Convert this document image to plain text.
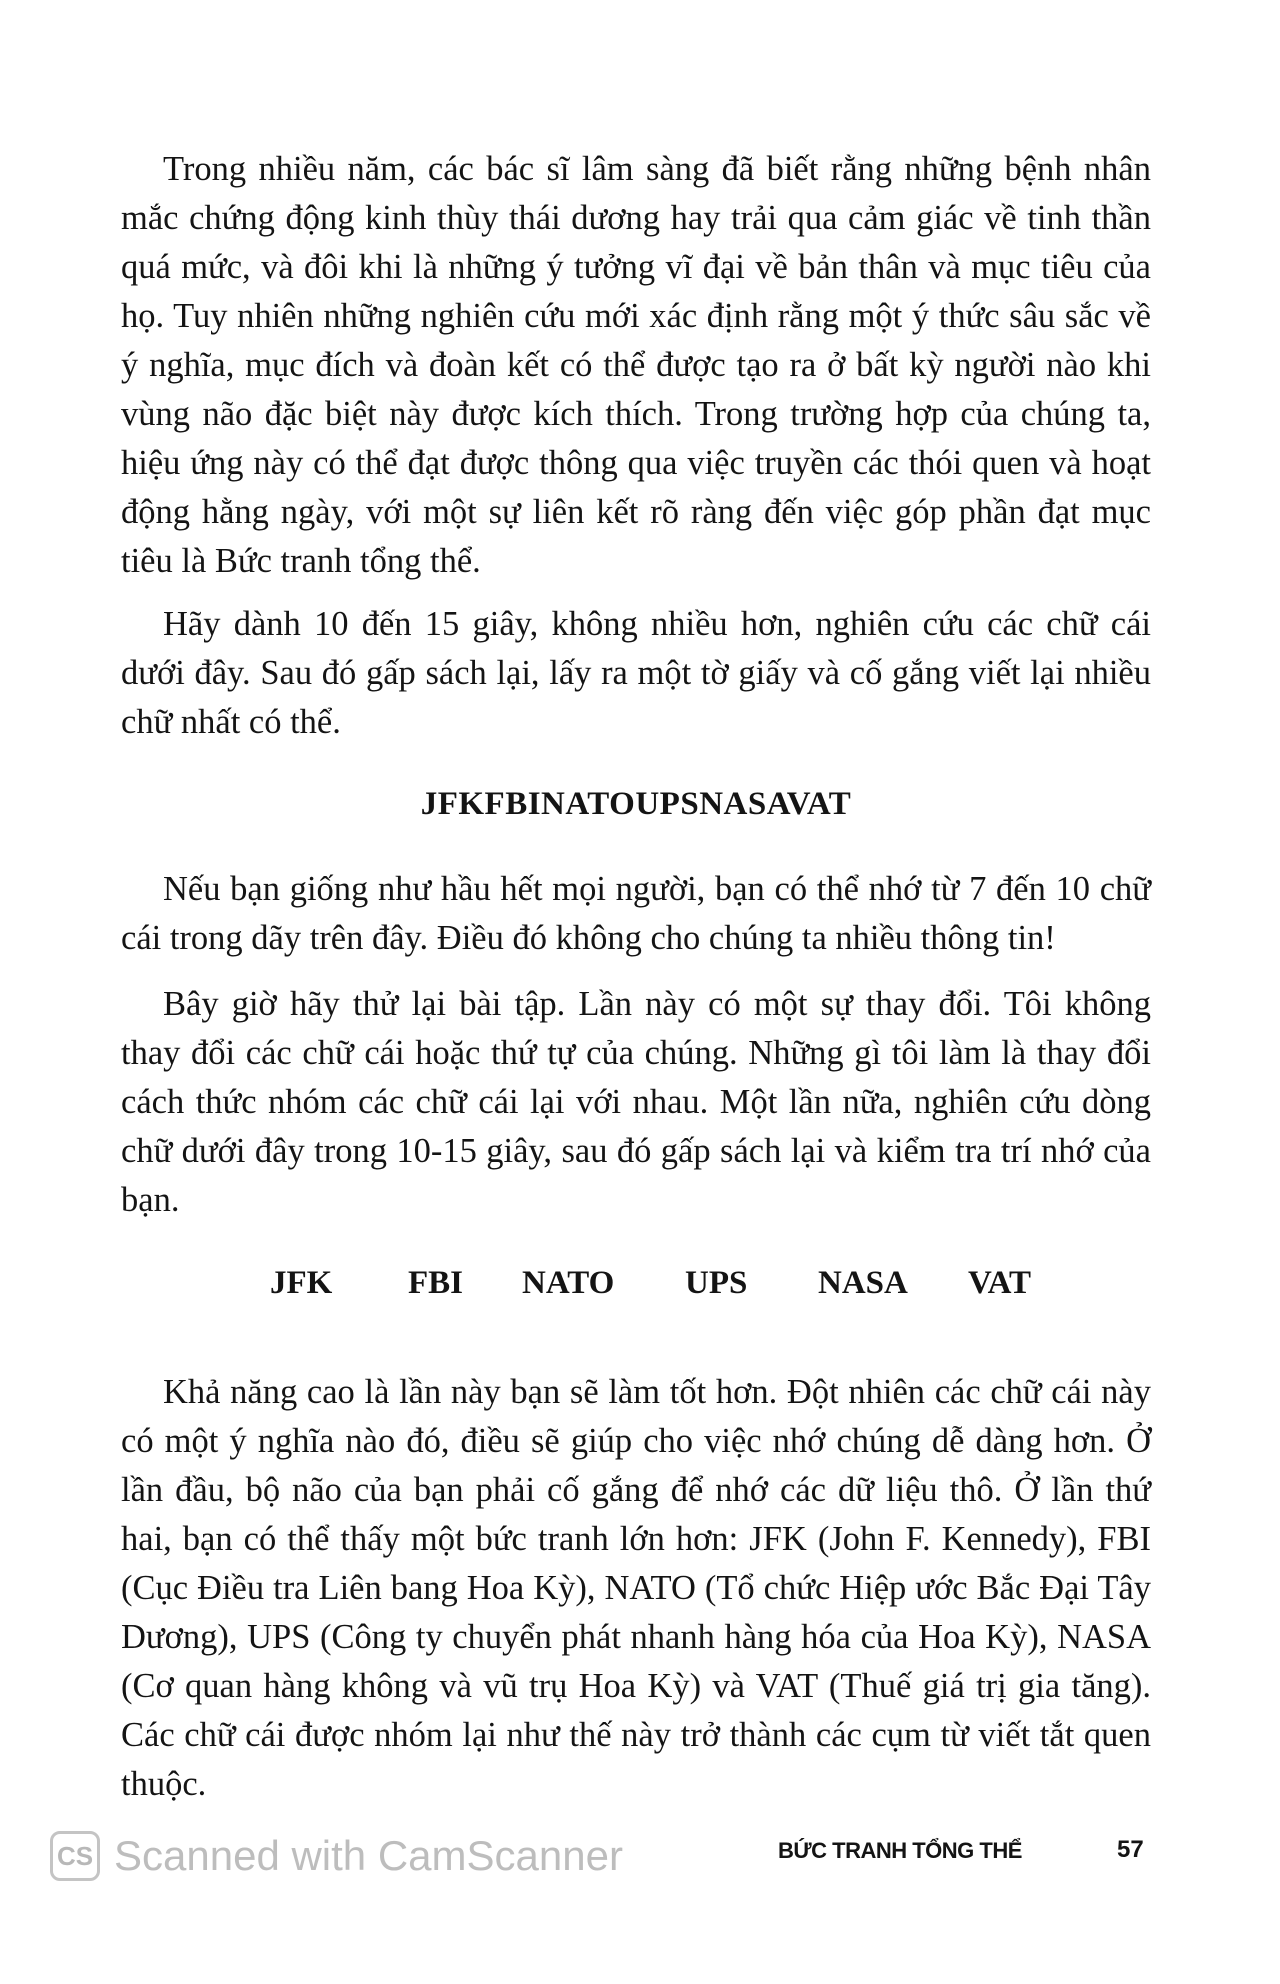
Trong nhiều năm, các bác sĩ lâm sàng đã biết rằng những bệnh nhân mắc chứng động kinh thùy thái dương hay trải qua cảm giác về tinh thần quá mức, và đôi khi là những ý tưởng vĩ đại về bản thân và mục tiêu của họ. Tuy nhiên những nghiên cứu mới xác định rằng một ý thức sâu sắc về ý nghĩa, mục đích và đoàn kết có thể được tạo ra ở bất kỳ người nào khi vùng não đặc biệt này được kích thích. Trong trường hợp của chúng ta, hiệu ứng này có thể đạt được thông qua việc truyền các thói quen và hoạt động hằng ngày, với một sự liên kết rõ ràng đến việc góp phần đạt mục tiêu là Bức tranh tổng thể.

Hãy dành 10 đến 15 giây, không nhiều hơn, nghiên cứu các chữ cái dưới đây. Sau đó gấp sách lại, lấy ra một tờ giấy và cố gắng viết lại nhiều chữ nhất có thể.

JFKFBINATOUPSNASAVAT

Nếu bạn giống như hầu hết mọi người, bạn có thể nhớ từ 7 đến 10 chữ cái trong dãy trên đây. Điều đó không cho chúng ta nhiều thông tin!

Bây giờ hãy thử lại bài tập. Lần này có một sự thay đổi. Tôi không thay đổi các chữ cái hoặc thứ tự của chúng. Những gì tôi làm là thay đổi cách thức nhóm các chữ cái lại với nhau. Một lần nữa, nghiên cứu dòng chữ dưới đây trong 10-15 giây, sau đó gấp sách lại và kiểm tra trí nhớ của bạn.

JFK FBI NATO UPS NASA VAT

Khả năng cao là lần này bạn sẽ làm tốt hơn. Đột nhiên các chữ cái này có một ý nghĩa nào đó, điều sẽ giúp cho việc nhớ chúng dễ dàng hơn. Ở lần đầu, bộ não của bạn phải cố gắng để nhớ các dữ liệu thô. Ở lần thứ hai, bạn có thể thấy một bức tranh lớn hơn: JFK (John F. Kennedy), FBI (Cục Điều tra Liên bang Hoa Kỳ), NATO (Tổ chức Hiệp ước Bắc Đại Tây Dương), UPS (Công ty chuyển phát nhanh hàng hóa của Hoa Kỳ), NASA (Cơ quan hàng không và vũ trụ Hoa Kỳ) và VAT (Thuế giá trị gia tăng). Các chữ cái được nhóm lại như thế này trở thành các cụm từ viết tắt quen thuộc.

CS Scanned with CamScanner	BỨC TRANH TỔNG THỂ	57
